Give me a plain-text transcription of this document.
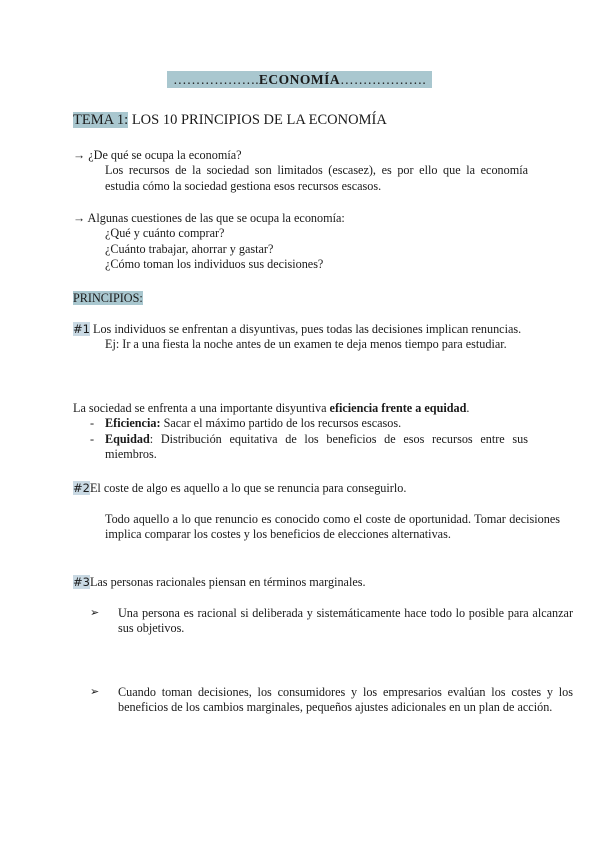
……………….ECONOMÍA……………….

TEMA 1: LOS 10 PRINCIPIOS DE LA ECONOMÍA

→ ¿De qué se ocupa la economía?
Los recursos de la sociedad son limitados (escasez), es por ello que la economía estudia cómo la sociedad gestiona esos recursos escasos.
→ Algunas cuestiones de las que se ocupa la economía:
¿Qué y cuánto comprar?
¿Cuánto trabajar, ahorrar y gastar?
¿Cómo toman los individuos sus decisiones?
PRINCIPIOS:
#1 Los individuos se enfrentan a disyuntivas, pues todas las decisiones implican renuncias.
Ej: Ir a una fiesta la noche antes de un examen te deja menos tiempo para estudiar.
La sociedad se enfrenta a una importante disyuntiva eficiencia frente a equidad.
- Eficiencia: Sacar el máximo partido de los recursos escasos.
- Equidad: Distribución equitativa de los beneficios de esos recursos entre sus miembros.
#2El coste de algo es aquello a lo que se renuncia para conseguirlo.
Todo aquello a lo que renuncio es conocido como el coste de oportunidad. Tomar decisiones implica comparar los costes y los beneficios de elecciones alternativas.
#3Las personas racionales piensan en términos marginales.
➢ Una persona es racional si deliberada y sistemáticamente hace todo lo posible para alcanzar sus objetivos.
➢ Cuando toman decisiones, los consumidores y los empresarios evalúan los costes y los beneficios de los cambios marginales, pequeños ajustes adicionales en un plan de acción.
